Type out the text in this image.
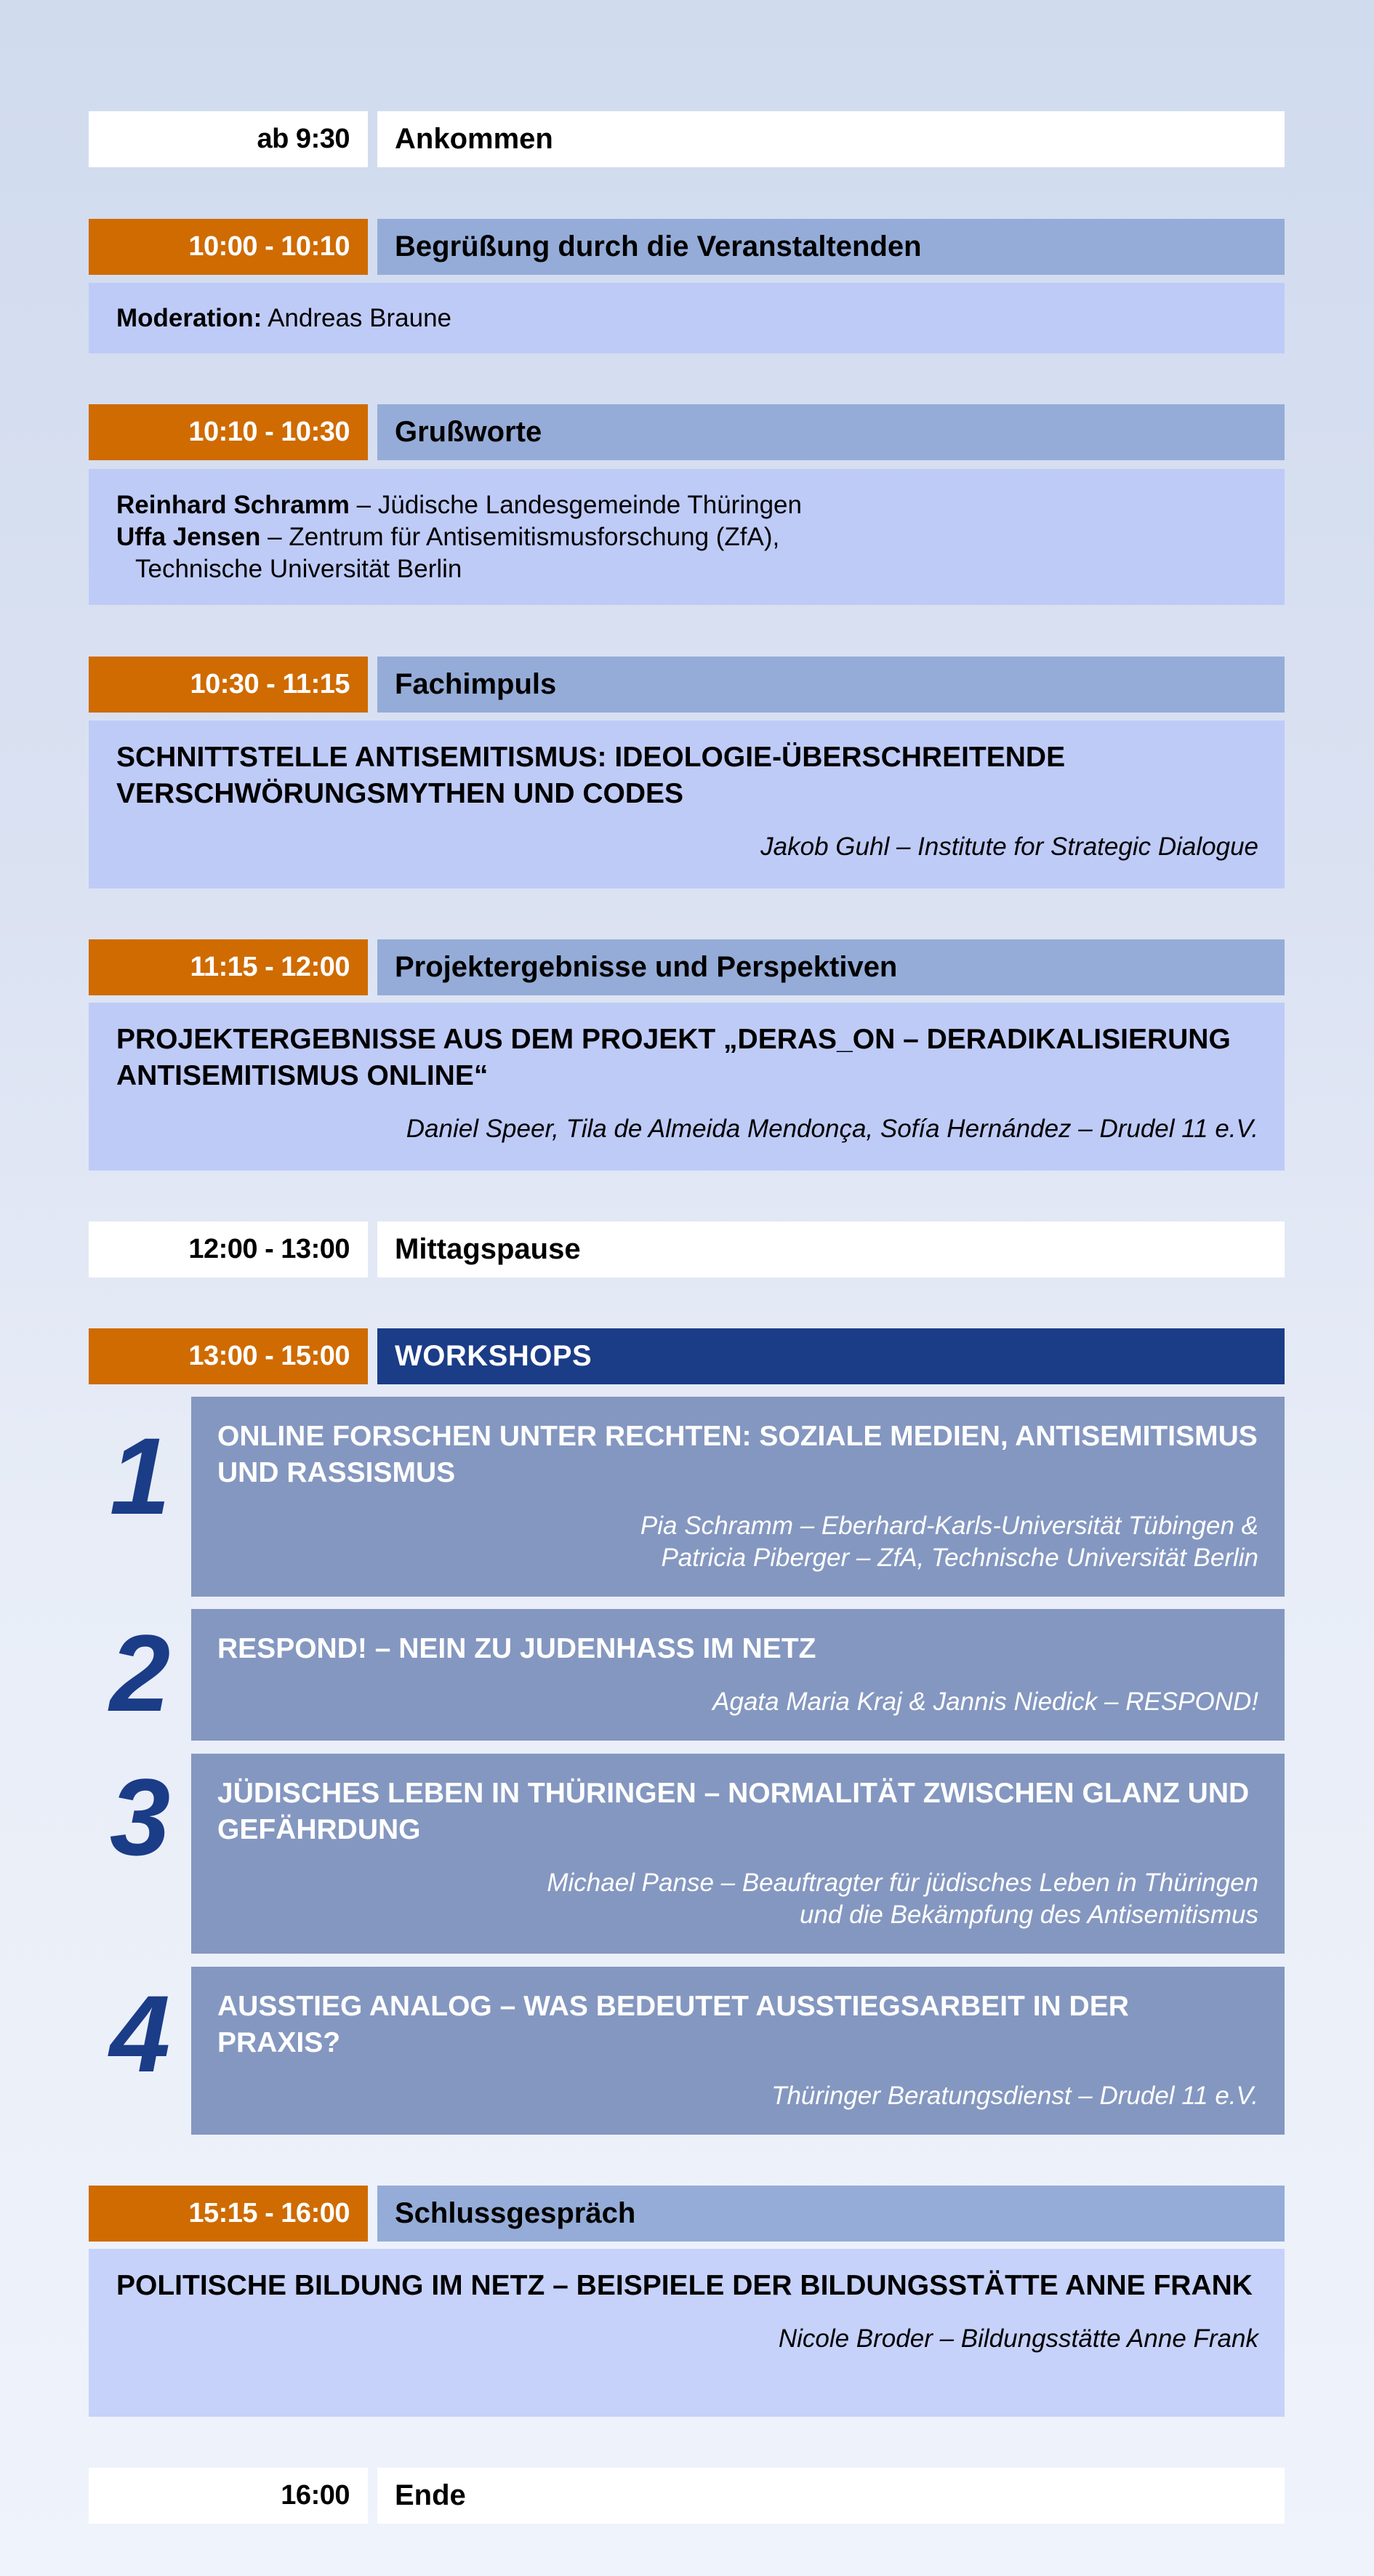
ab 9:30 Ankommen
10:00 - 10:10 Begrüßung durch die Veranstaltenden
Moderation: Andreas Braune
10:10 - 10:30 Grußworte
Reinhard Schramm – Jüdische Landesgemeinde Thüringen
Uffa Jensen – Zentrum für Antisemitismusforschung (ZfA),
Technische Universität Berlin
10:30 - 11:15 Fachimpuls
SCHNITTSTELLE ANTISEMITISMUS: IDEOLOGIE-ÜBERSCHREITENDE VERSCHWÖRUNGSMYTHEN UND CODES
Jakob Guhl – Institute for Strategic Dialogue
11:15 - 12:00 Projektergebnisse und Perspektiven
PROJEKTERGEBNISSE AUS DEM PROJEKT „DERAS_ON – DERADIKALISIERUNG ANTISEMITISMUS ONLINE“
Daniel Speer, Tila de Almeida Mendonça, Sofía Hernández – Drudel 11 e.V.
12:00 - 13:00 Mittagspause
13:00 - 15:00 WORKSHOPS
1	ONLINE FORSCHEN UNTER RECHTEN: SOZIALE MEDIEN, ANTISEMITISMUS UND RASSISMUS
Pia Schramm – Eberhard-Karls-Universität Tübingen &
Patricia Piberger – ZfA, Technische Universität Berlin
2	RESPOND! – NEIN ZU JUDENHASS IM NETZ
Agata Maria Kraj & Jannis Niedick – RESPOND!
3	JÜDISCHES LEBEN IN THÜRINGEN – NORMALITÄT ZWISCHEN GLANZ UND GEFÄHRDUNG
Michael Panse – Beauftragter für jüdisches Leben in Thüringen
und die Bekämpfung des Antisemitismus
4	AUSSTIEG ANALOG – WAS BEDEUTET AUSSTIEGSARBEIT IN DER PRAXIS?
Thüringer Beratungsdienst – Drudel 11 e.V.
15:15 - 16:00 Schlussgespräch
POLITISCHE BILDUNG IM NETZ – BEISPIELE DER BILDUNGSSTÄTTE ANNE FRANK
Nicole Broder – Bildungsstätte Anne Frank
16:00 Ende
